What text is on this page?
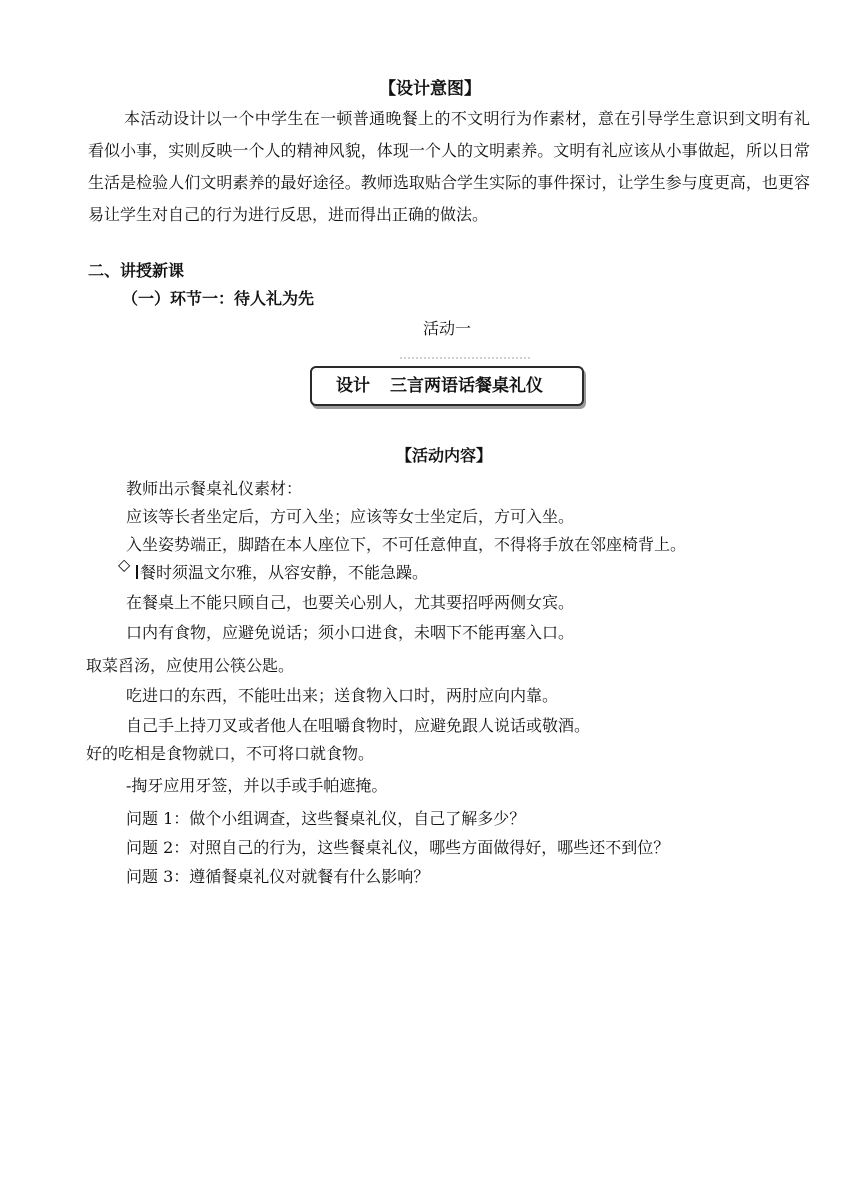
【设计意图】
本活动设计以一个中学生在一顿普通晚餐上的不文明行为作素材，意在引导学生意识到文明有礼看似小事，实则反映一个人的精神风貌，体现一个人的文明素养。文明有礼应该从小事做起，所以日常生活是检验人们文明素养的最好途径。教师选取贴合学生实际的事件探讨，让学生参与度更高，也更容易让学生对自己的行为进行反思，进而得出正确的做法。
二、讲授新课
（一）环节一：待人礼为先
活动一
设计 三言两语话餐桌礼仪
【活动内容】
教师出示餐桌礼仪素材：
应该等长者坐定后，方可入坐；应该等女士坐定后，方可入坐。
入坐姿势端正，脚踏在本人座位下，不可任意伸直，不得将手放在邻座椅背上。
◇ 餐时须温文尔雅，从容安静，不能急躁。
在餐桌上不能只顾自己，也要关心别人，尤其要招呼两侧女宾。
口内有食物，应避免说话；须小口进食，未咽下不能再塞入口。
取菜舀汤，应使用公筷公匙。
吃进口的东西，不能吐出来；送食物入口时，两肘应向内靠。
自己手上持刀叉或者他人在咀嚼食物时，应避免跟人说话或敬酒。
好的吃相是食物就口，不可将口就食物。
-掏牙应用牙签，并以手或手帕遮掩。
问题 1：做个小组调查，这些餐桌礼仪，自己了解多少？
问题 2：对照自己的行为，这些餐桌礼仪，哪些方面做得好，哪些还不到位？
问题 3：遵循餐桌礼仪对就餐有什么影响？
